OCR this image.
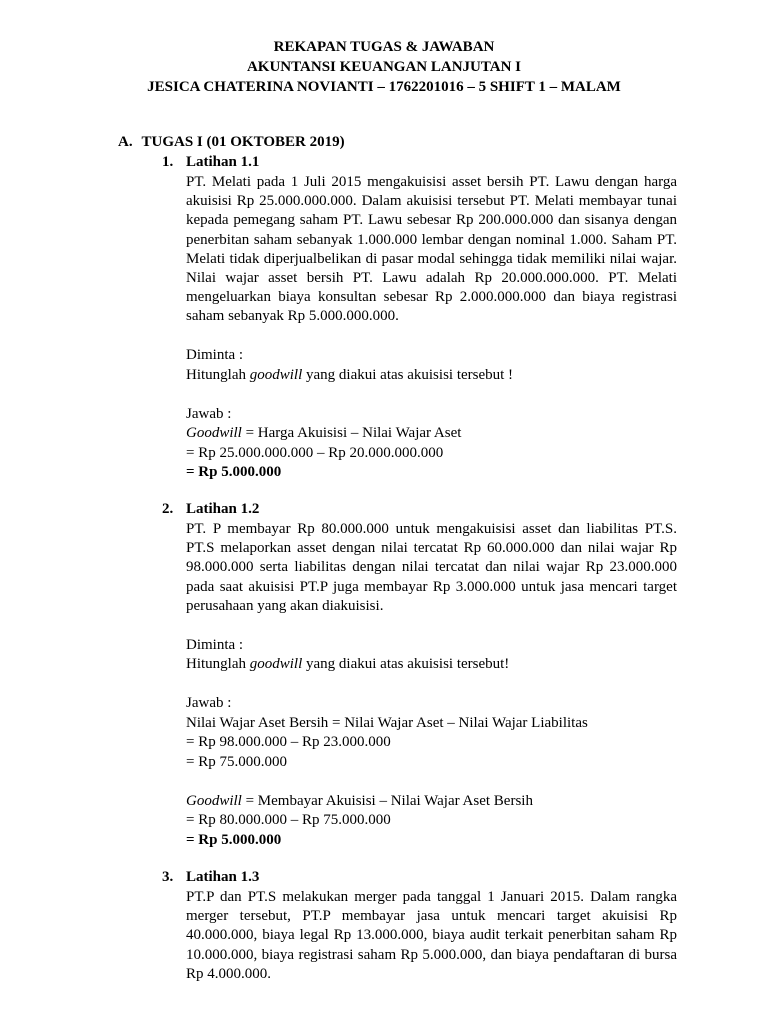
REKAPAN TUGAS & JAWABAN
AKUNTANSI KEUANGAN LANJUTAN I
JESICA CHATERINA NOVIANTI – 1762201016 – 5 SHIFT 1 – MALAM
A. TUGAS I (01 OKTOBER 2019)
1. Latihan 1.1

PT. Melati pada 1 Juli 2015 mengakuisisi asset bersih PT. Lawu dengan harga akuisisi Rp 25.000.000.000. Dalam akuisisi tersebut PT. Melati membayar tunai kepada pemegang saham PT. Lawu sebesar Rp 200.000.000 dan sisanya dengan penerbitan saham sebanyak 1.000.000 lembar dengan nominal 1.000. Saham PT. Melati tidak diperjualbelikan di pasar modal sehingga tidak memiliki nilai wajar. Nilai wajar asset bersih PT. Lawu adalah Rp 20.000.000.000. PT. Melati mengeluarkan biaya konsultan sebesar Rp 2.000.000.000 dan biaya registrasi saham sebanyak Rp 5.000.000.000.

Diminta :
Hitunglah goodwill yang diakui atas akuisisi tersebut !
Jawab :
Goodwill = Harga Akuisisi – Nilai Wajar Aset
= Rp 25.000.000.000 – Rp 20.000.000.000
= Rp 5.000.000
2. Latihan 1.2

PT. P membayar Rp 80.000.000 untuk mengakuisisi asset dan liabilitas PT.S. PT.S melaporkan asset dengan nilai tercatat Rp 60.000.000 dan nilai wajar Rp 98.000.000 serta liabilitas dengan nilai tercatat dan nilai wajar Rp 23.000.000 pada saat akuisisi PT.P juga membayar Rp 3.000.000 untuk jasa mencari target perusahaan yang akan diakuisisi.

Diminta :
Hitunglah goodwill yang diakui atas akuisisi tersebut!
Jawab :
Nilai Wajar Aset Bersih = Nilai Wajar Aset – Nilai Wajar Liabilitas
= Rp 98.000.000 – Rp 23.000.000
= Rp 75.000.000
Goodwill = Membayar Akuisisi – Nilai Wajar Aset Bersih
= Rp 80.000.000 – Rp 75.000.000
= Rp 5.000.000
3. Latihan 1.3

PT.P dan PT.S melakukan merger pada tanggal 1 Januari 2015. Dalam rangka merger tersebut, PT.P membayar jasa untuk mencari target akuisisi Rp 40.000.000, biaya legal Rp 13.000.000, biaya audit terkait penerbitan saham Rp 10.000.000, biaya registrasi saham Rp 5.000.000, dan biaya pendaftaran di bursa Rp 4.000.000.
